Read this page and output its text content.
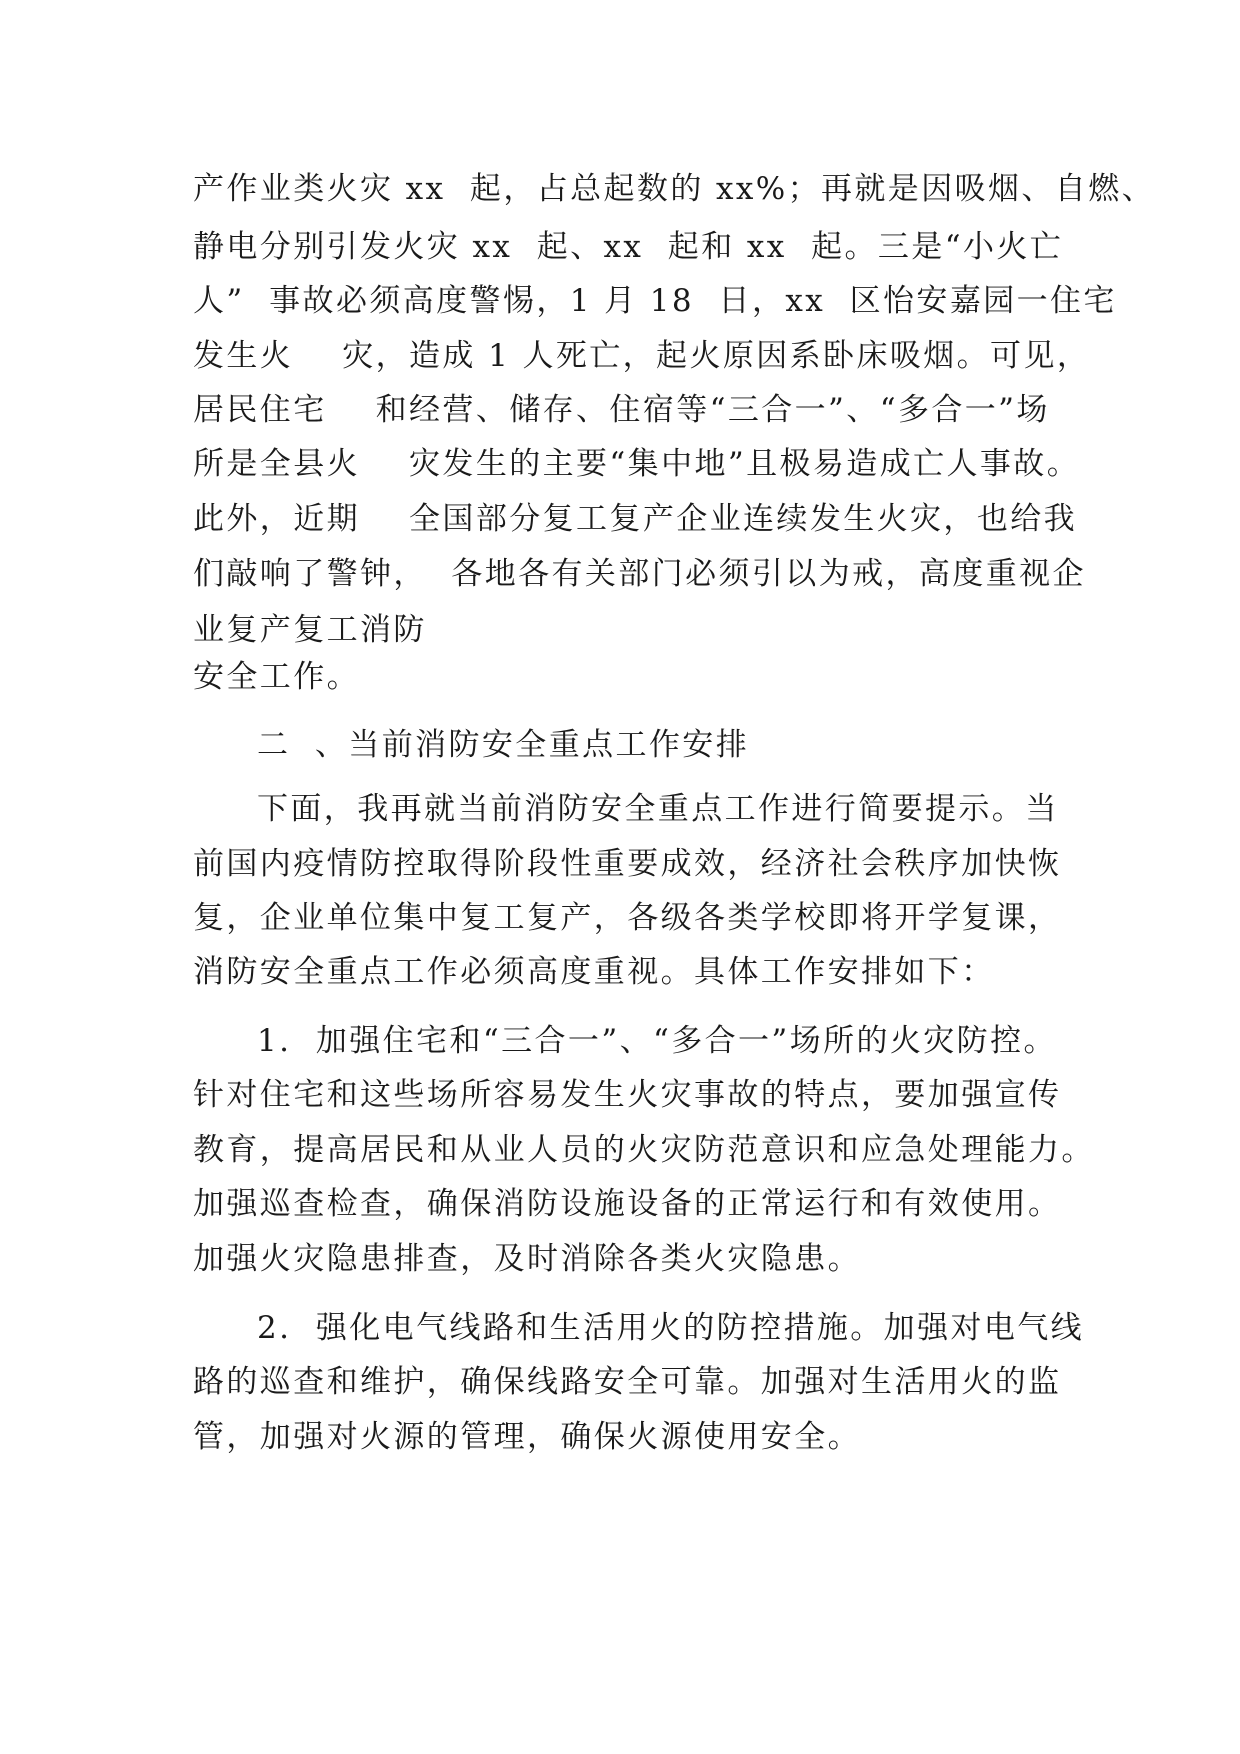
产作业类火灾 xx  起，占总起数的 xx%；再就是因吸烟、自燃、
静电分别引发火灾 xx  起、xx  起和 xx  起。三是“小火亡
人”  事故必须高度警惕，1 月 18  日，xx  区怡安嘉园一住宅
发生火    灾，造成 1 人死亡，起火原因系卧床吸烟。可见，
居民住宅    和经营、储存、住宿等“三合一”、“多合一”场
所是全县火    灾发生的主要“集中地”且极易造成亡人事故。
此外，近期    全国部分复工复产企业连续发生火灾，也给我
们敲响了警钟，  各地各有关部门必须引以为戒，高度重视企
业复产复工消防
安全工作。
二  、当前消防安全重点工作安排
下面，我再就当前消防安全重点工作进行简要提示。当
前国内疫情防控取得阶段性重要成效，经济社会秩序加快恢
复，企业单位集中复工复产，各级各类学校即将开学复课，
消防安全重点工作必须高度重视。具体工作安排如下：
1.  加强住宅和“三合一”、“多合一”场所的火灾防控。
针对住宅和这些场所容易发生火灾事故的特点，要加强宣传
教育，提高居民和从业人员的火灾防范意识和应急处理能力。
加强巡查检查，确保消防设施设备的正常运行和有效使用。
加强火灾隐患排查，及时消除各类火灾隐患。
2.  强化电气线路和生活用火的防控措施。加强对电气线
路的巡查和维护，确保线路安全可靠。加强对生活用火的监
管，加强对火源的管理，确保火源使用安全。
